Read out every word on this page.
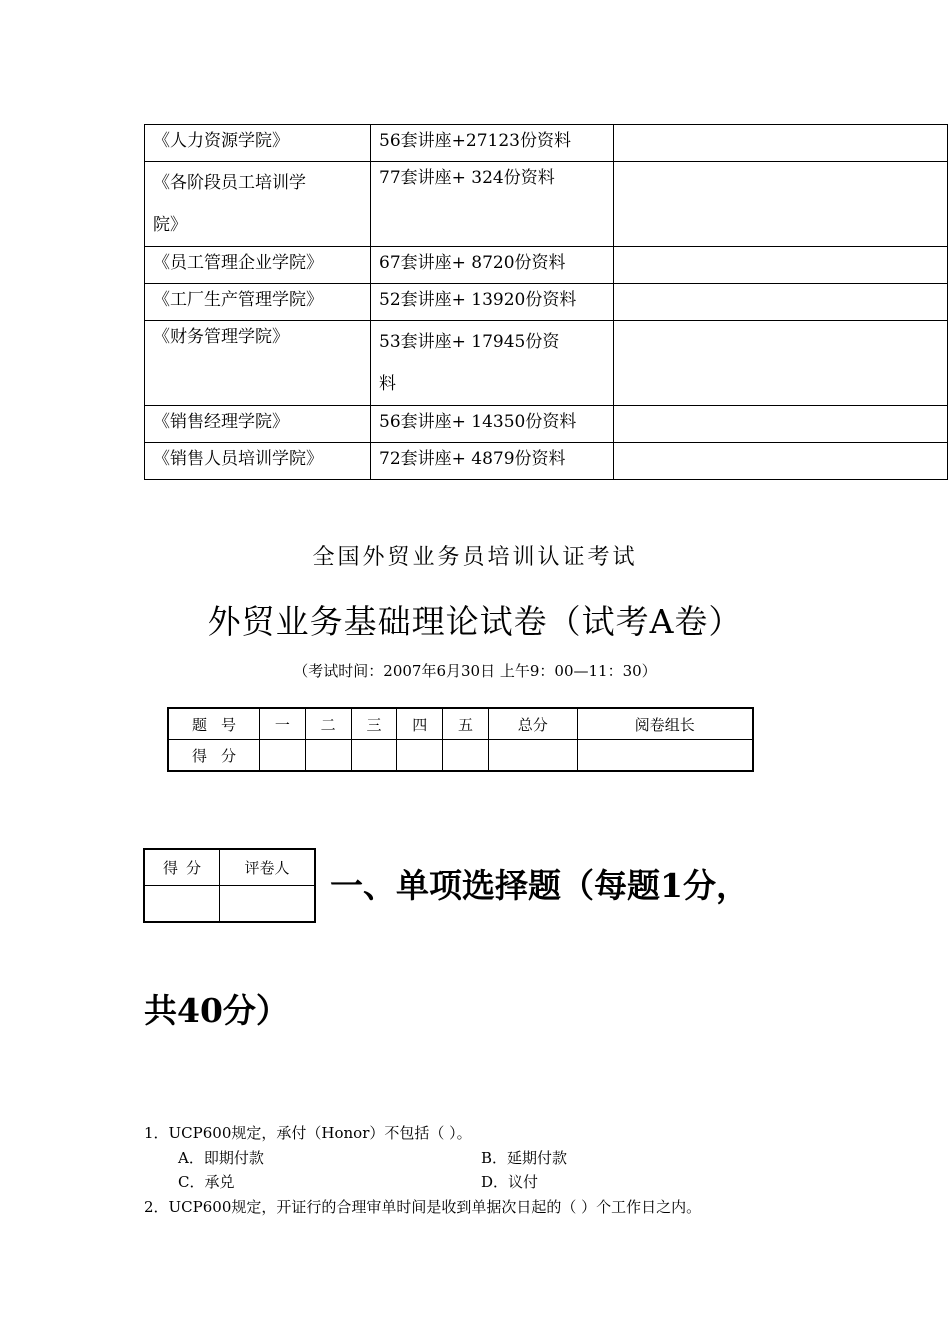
《人力资源学院》	56套讲座+27123份资料	

《各阶段员工培训学
院》	77套讲座+ 324份资料	
《员工管理企业学院》	67套讲座+ 8720份资料	
《工厂生产管理学院》	52套讲座+ 13920份资料	
《财务管理学院》	53套讲座+ 17945份资
料	

《销售经理学院》	56套讲座+ 14350份资料	
《销售人员培训学院》	72套讲座+ 4879份资料	
全国外贸业务员培训认证考试
外贸业务基础理论试卷（试考A卷）
（考试时间：2007年6月30日 上午9：00—11：30）
题号	一	二	三	四	五	总分	阅卷组长
得分							
得分	评卷人
	一、单项选择题（每题1分，
共40分）
1．UCP600规定，承付（Honor）不包括（ ）。
A．即期付款	B．延期付款
C．承兑	D．议付
2．UCP600规定，开证行的合理审单时间是收到单据次日起的（ ）个工作日之内。
